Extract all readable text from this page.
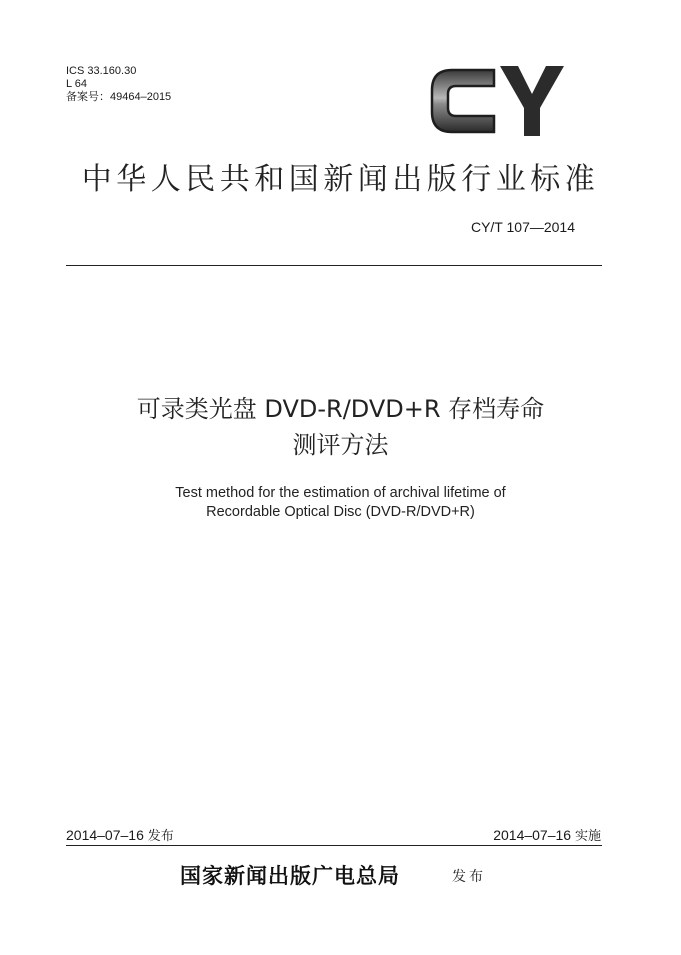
ICS 33.160.30
L 64
备案号：49464–2015
中华人民共和国新闻出版行业标准
CY/T 107—2014
可录类光盘 DVD-R/DVD+R 存档寿命
测评方法
Test method for the estimation of archival lifetime of
Recordable Optical Disc (DVD-R/DVD+R)
2014–07–16 发布	2014–07–16 实施
国家新闻出版广电总局	发布
